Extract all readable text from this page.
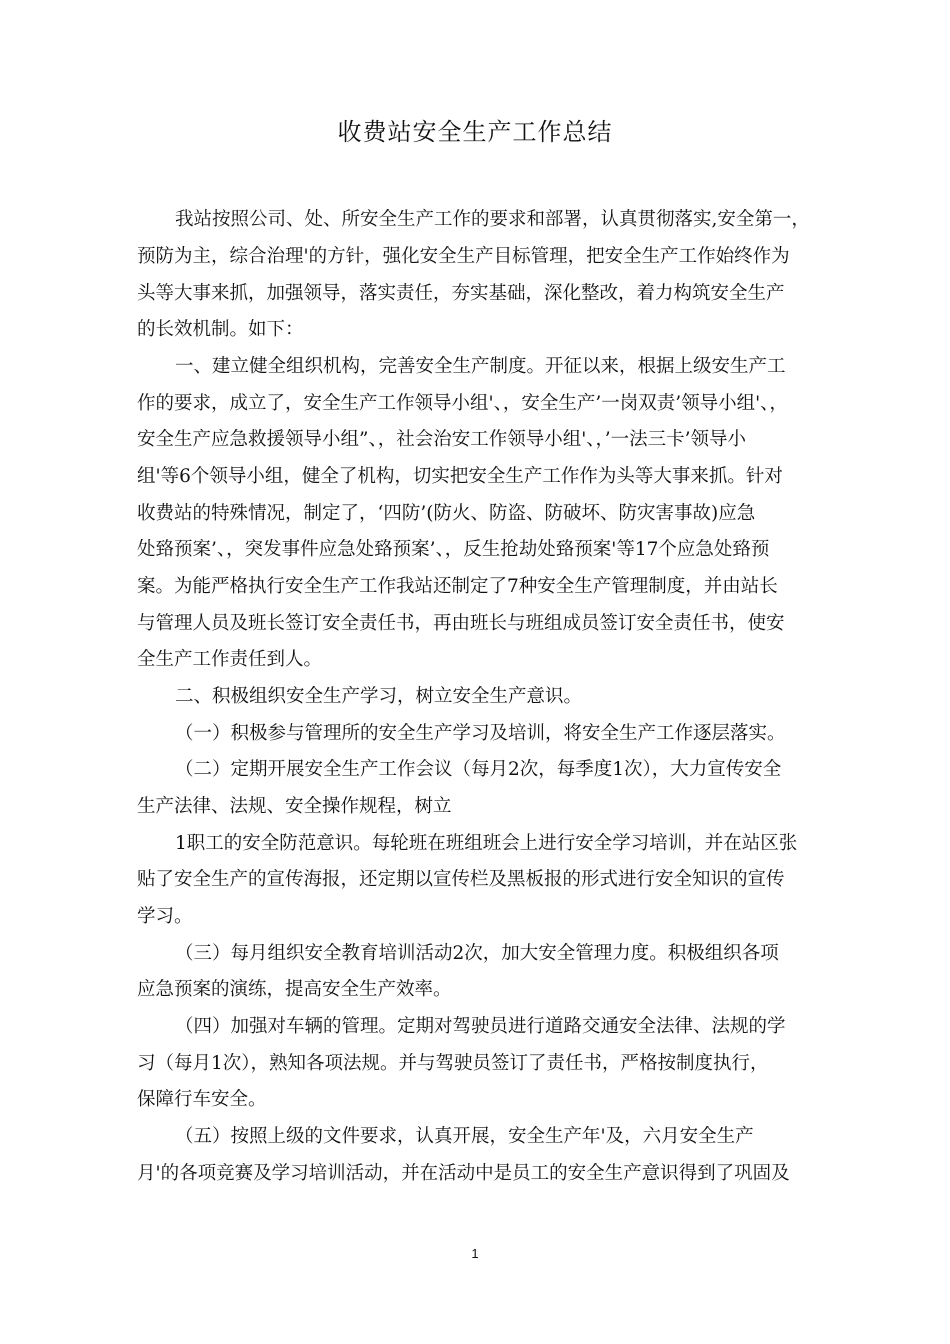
收费站安全生产工作总结
我站按照公司、处、所安全生产工作的要求和部署，认真贯彻落实,安全第一，
预防为主，综合治理'的方针，强化安全生产目标管理，把安全生产工作始终作为
头等大事来抓，加强领导，落实责任，夯实基础，深化整改，着力构筑安全生产
的长效机制。如下：
一、建立健全组织机构，完善安全生产制度。开征以来，根据上级安生产工
作的要求，成立了，安全生产工作领导小组'、，安全生产’一岗双责’领导小组'、，
安全生产应急救援领导小组”、，社会治安工作领导小组'、，’一法三卡’领导小
组'等6个领导小组，健全了机构，切实把安全生产工作作为头等大事来抓。针对
收费站的特殊情况，制定了，‘四防’(防火、防盗、防破坏、防灾害事故)应急
处臵预案’、，突发事件应急处臵预案’、，反生抢劫处臵预案'等17个应急处臵预
案。为能严格执行安全生产工作我站还制定了7种安全生产管理制度，并由站长
与管理人员及班长签订安全责任书，再由班长与班组成员签订安全责任书，使安
全生产工作责任到人。
二、积极组织安全生产学习，树立安全生产意识。
（一）积极参与管理所的安全生产学习及培训，将安全生产工作逐层落实。
（二）定期开展安全生产工作会议（每月2次，每季度1次），大力宣传安全
生产法律、法规、安全操作规程，树立
1职工的安全防范意识。每轮班在班组班会上进行安全学习培训，并在站区张
贴了安全生产的宣传海报，还定期以宣传栏及黑板报的形式进行安全知识的宣传
学习。
（三）每月组织安全教育培训活动2次，加大安全管理力度。积极组织各项
应急预案的演练，提高安全生产效率。
（四）加强对车辆的管理。定期对驾驶员进行道路交通安全法律、法规的学
习（每月1次），熟知各项法规。并与驾驶员签订了责任书，严格按制度执行，
保障行车安全。
（五）按照上级的文件要求，认真开展，安全生产年'及，六月安全生产
月'的各项竞赛及学习培训活动，并在活动中是员工的安全生产意识得到了巩固及
1
